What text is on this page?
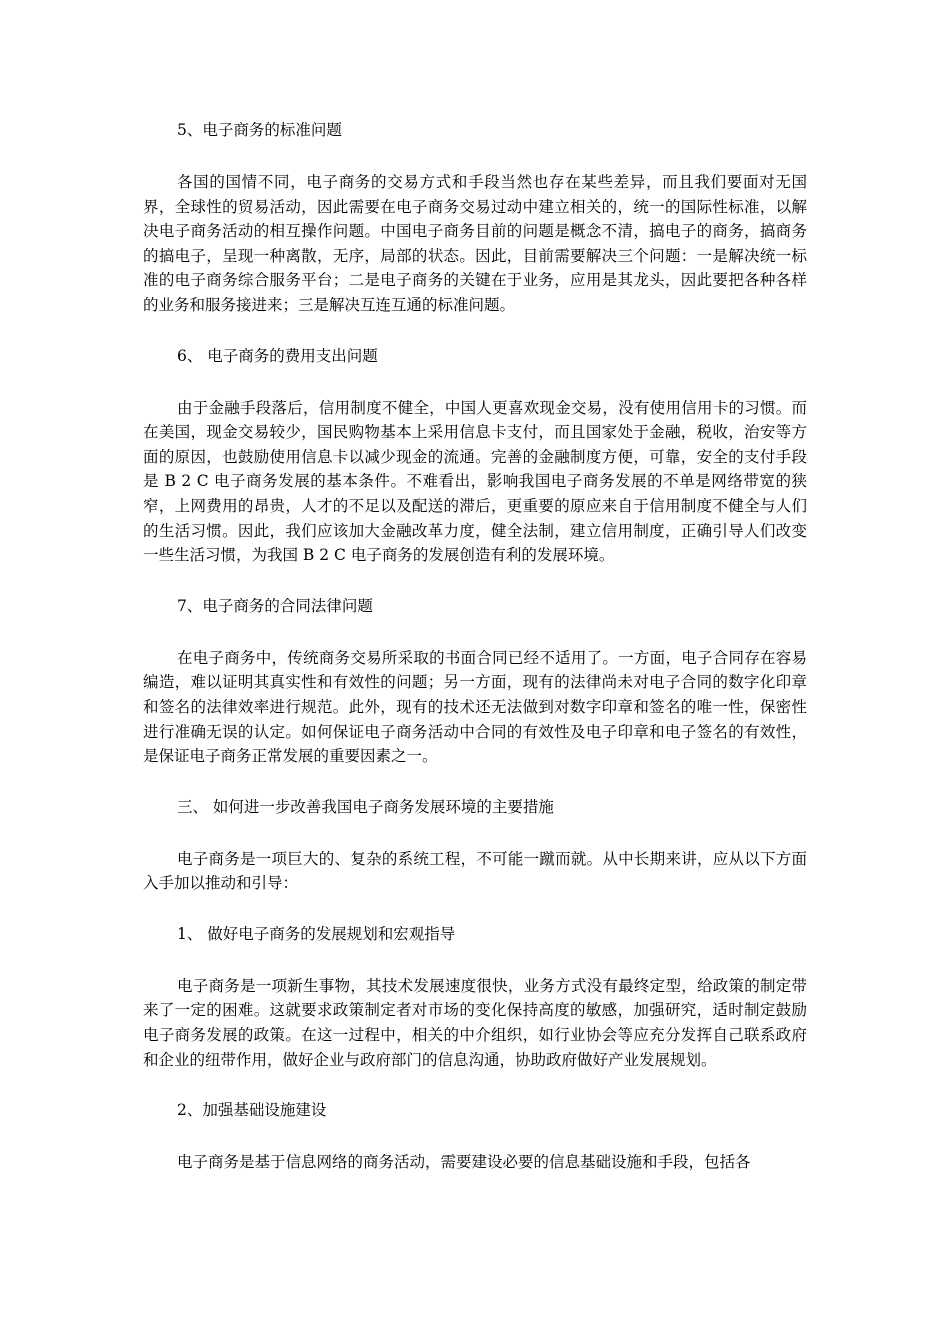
5、电子商务的标准问题

各国的国情不同，电子商务的交易方式和手段当然也存在某些差异，而且我们要面对无国界，全球性的贸易活动，因此需要在电子商务交易过动中建立相关的，统一的国际性标准，以解决电子商务活动的相互操作问题。中国电子商务目前的问题是概念不清，搞电子的商务，搞商务的搞电子，呈现一种离散，无序，局部的状态。因此，目前需要解决三个问题：一是解决统一标准的电子商务综合服务平台；二是电子商务的关键在于业务，应用是其龙头，因此要把各种各样的业务和服务接进来；三是解决互连互通的标准问题。

6、 电子商务的费用支出问题

由于金融手段落后，信用制度不健全，中国人更喜欢现金交易，没有使用信用卡的习惯。而在美国，现金交易较少，国民购物基本上采用信息卡支付，而且国家处于金融，税收，治安等方面的原因，也鼓励使用信息卡以减少现金的流通。完善的金融制度方便，可靠，安全的支付手段是 B 2 C 电子商务发展的基本条件。不难看出，影响我国电子商务发展的不单是网络带宽的狭窄，上网费用的昂贵，人才的不足以及配送的滞后，更重要的原应来自于信用制度不健全与人们的生活习惯。因此，我们应该加大金融改革力度，健全法制，建立信用制度，正确引导人们改变一些生活习惯，为我国 B 2 C 电子商务的发展创造有利的发展环境。

7、电子商务的合同法律问题

在电子商务中，传统商务交易所采取的书面合同已经不适用了。一方面，电子合同存在容易编造，难以证明其真实性和有效性的问题；另一方面，现有的法律尚未对电子合同的数字化印章和签名的法律效率进行规范。此外，现有的技术还无法做到对数字印章和签名的唯一性，保密性进行准确无误的认定。如何保证电子商务活动中合同的有效性及电子印章和电子签名的有效性，是保证电子商务正常发展的重要因素之一。

三、 如何进一步改善我国电子商务发展环境的主要措施

电子商务是一项巨大的、复杂的系统工程，不可能一蹴而就。从中长期来讲，应从以下方面入手加以推动和引导：

1、 做好电子商务的发展规划和宏观指导

电子商务是一项新生事物，其技术发展速度很快，业务方式没有最终定型，给政策的制定带来了一定的困难。这就要求政策制定者对市场的变化保持高度的敏感，加强研究，适时制定鼓励电子商务发展的政策。在这一过程中，相关的中介组织，如行业协会等应充分发挥自己联系政府和企业的纽带作用，做好企业与政府部门的信息沟通，协助政府做好产业发展规划。

2、加强基础设施建设

电子商务是基于信息网络的商务活动，需要建设必要的信息基础设施和手段，包括各
